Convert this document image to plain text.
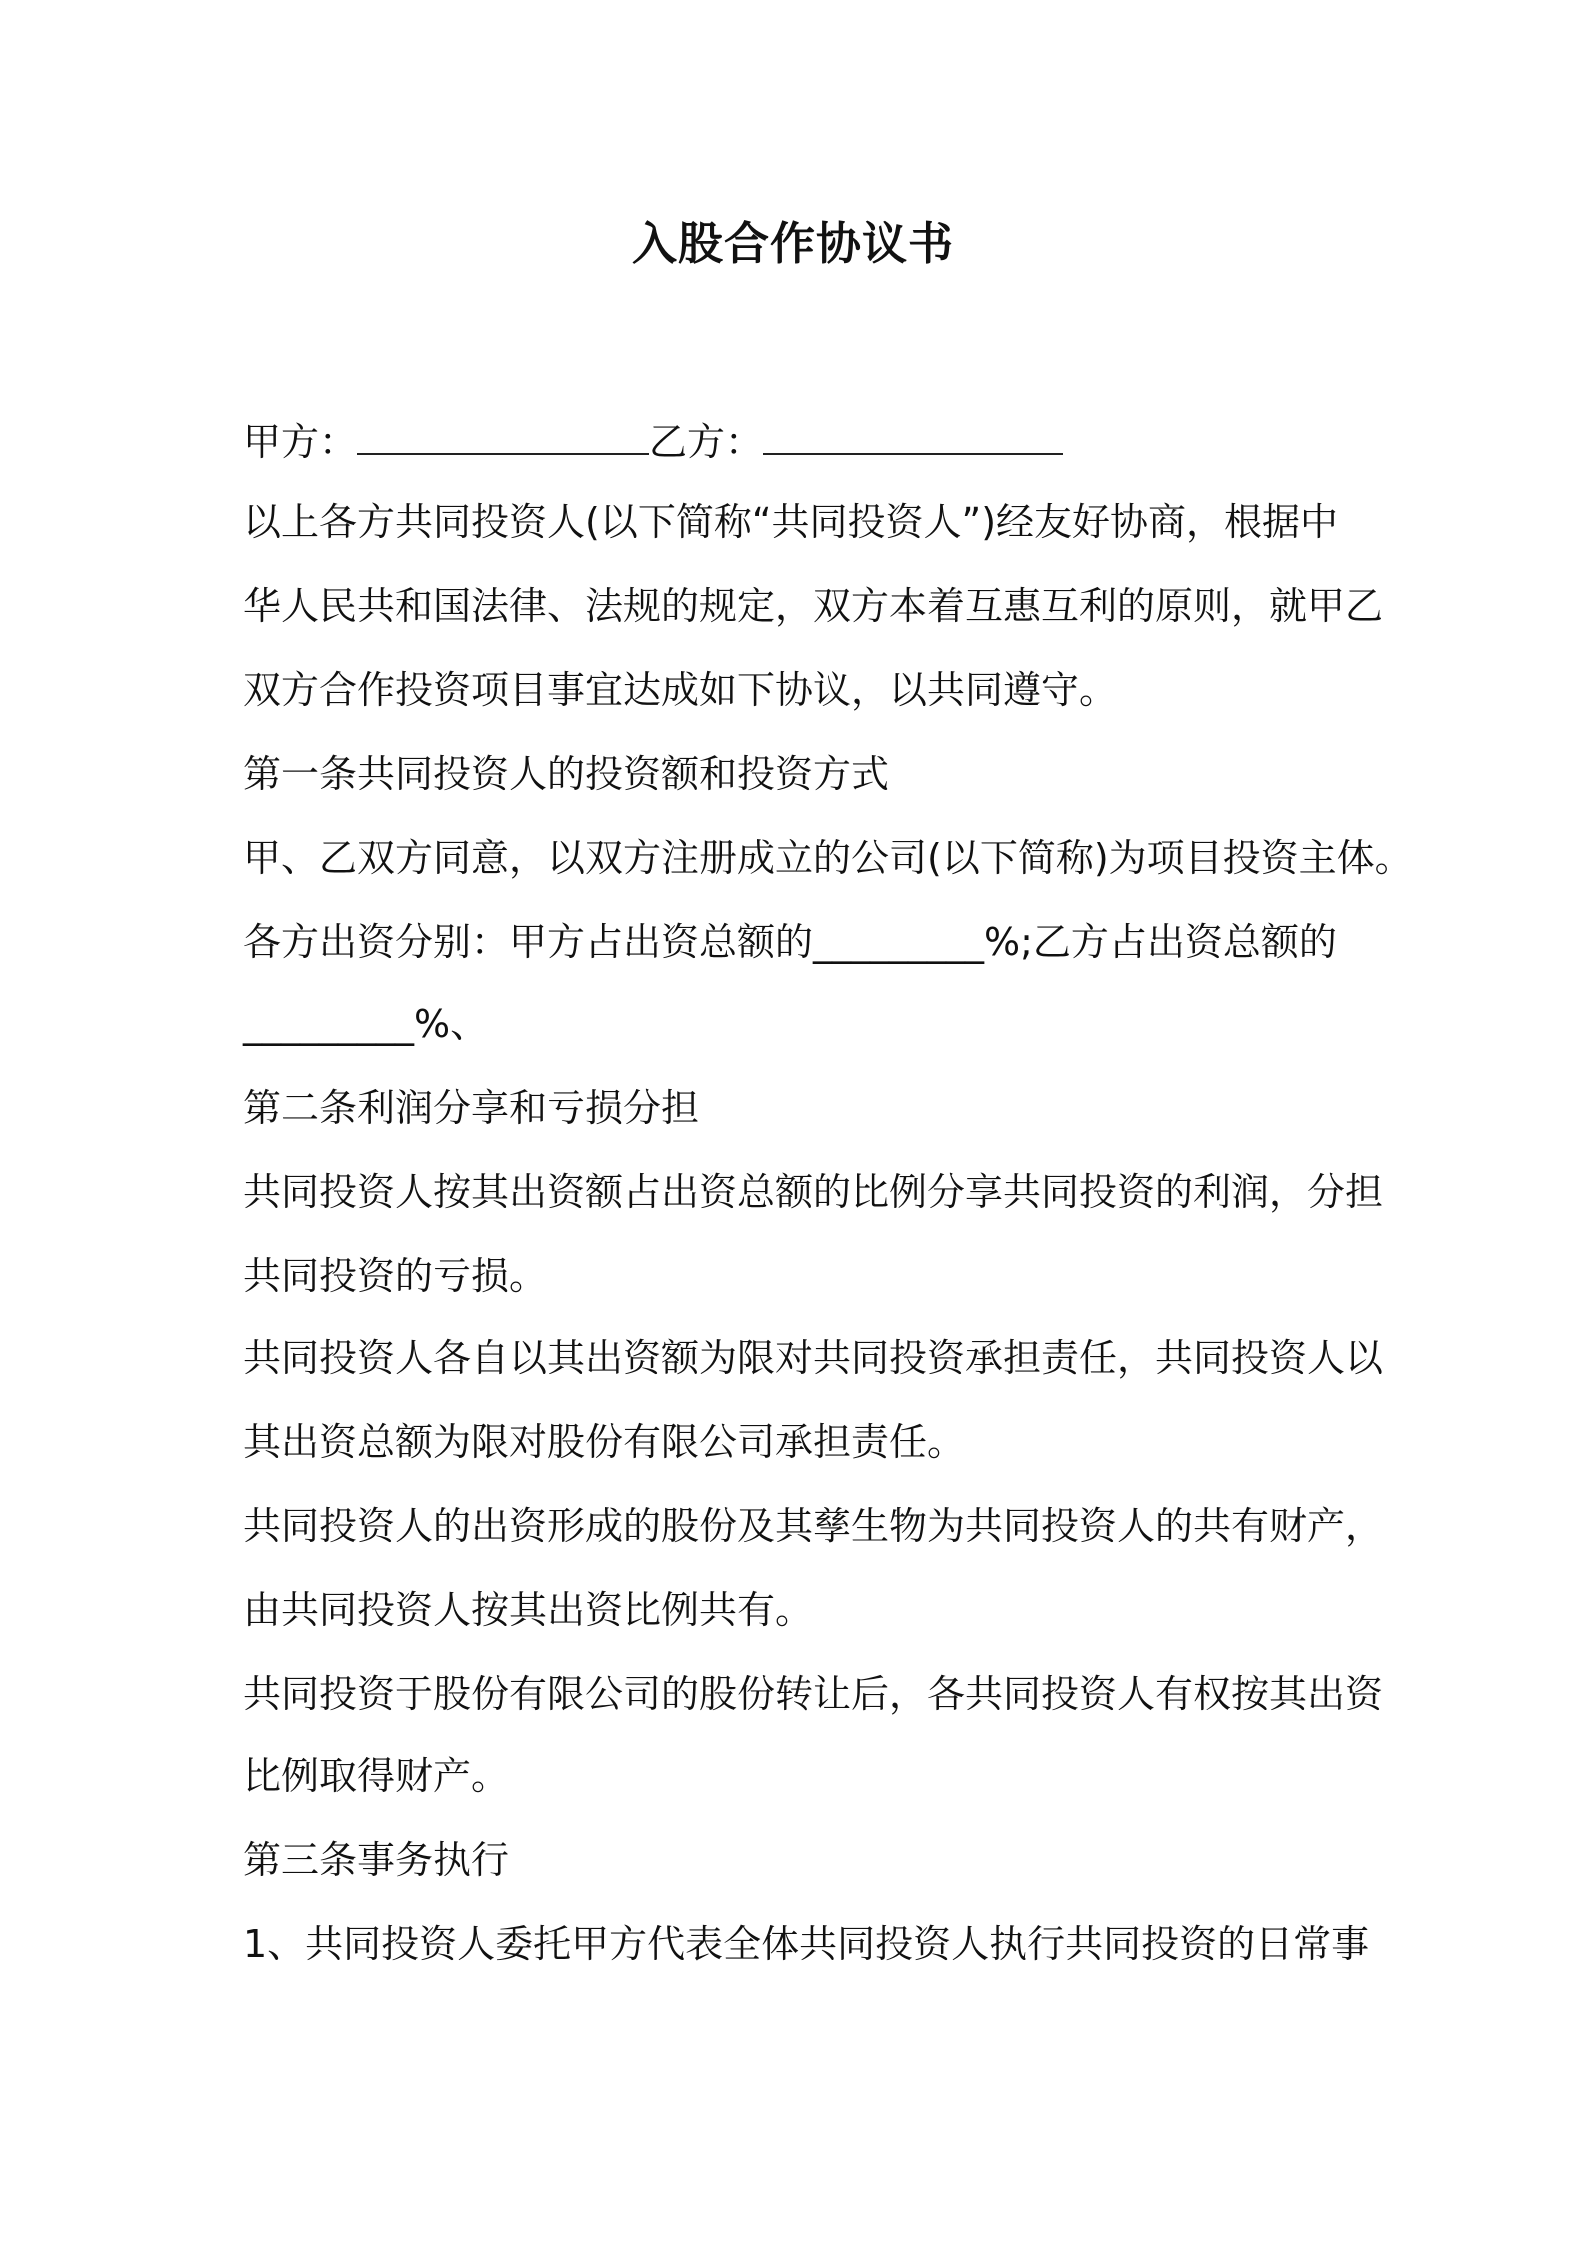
入股合作协议书
甲方：	乙方：
以上各方共同投资人(以下简称“共同投资人”)经友好协商，根据中
华人民共和国法律、法规的规定，双方本着互惠互利的原则，就甲乙
双方合作投资项目事宜达成如下协议，以共同遵守。
第一条共同投资人的投资额和投资方式
甲、乙双方同意，以双方注册成立的公司(以下简称)为项目投资主体。
各方出资分别：甲方占出资总额的_________%;乙方占出资总额的
_________%、
第二条利润分享和亏损分担
共同投资人按其出资额占出资总额的比例分享共同投资的利润，分担
共同投资的亏损。
共同投资人各自以其出资额为限对共同投资承担责任，共同投资人以
其出资总额为限对股份有限公司承担责任。
共同投资人的出资形成的股份及其孳生物为共同投资人的共有财产，
由共同投资人按其出资比例共有。
共同投资于股份有限公司的股份转让后，各共同投资人有权按其出资
比例取得财产。
第三条事务执行
1、共同投资人委托甲方代表全体共同投资人执行共同投资的日常事
